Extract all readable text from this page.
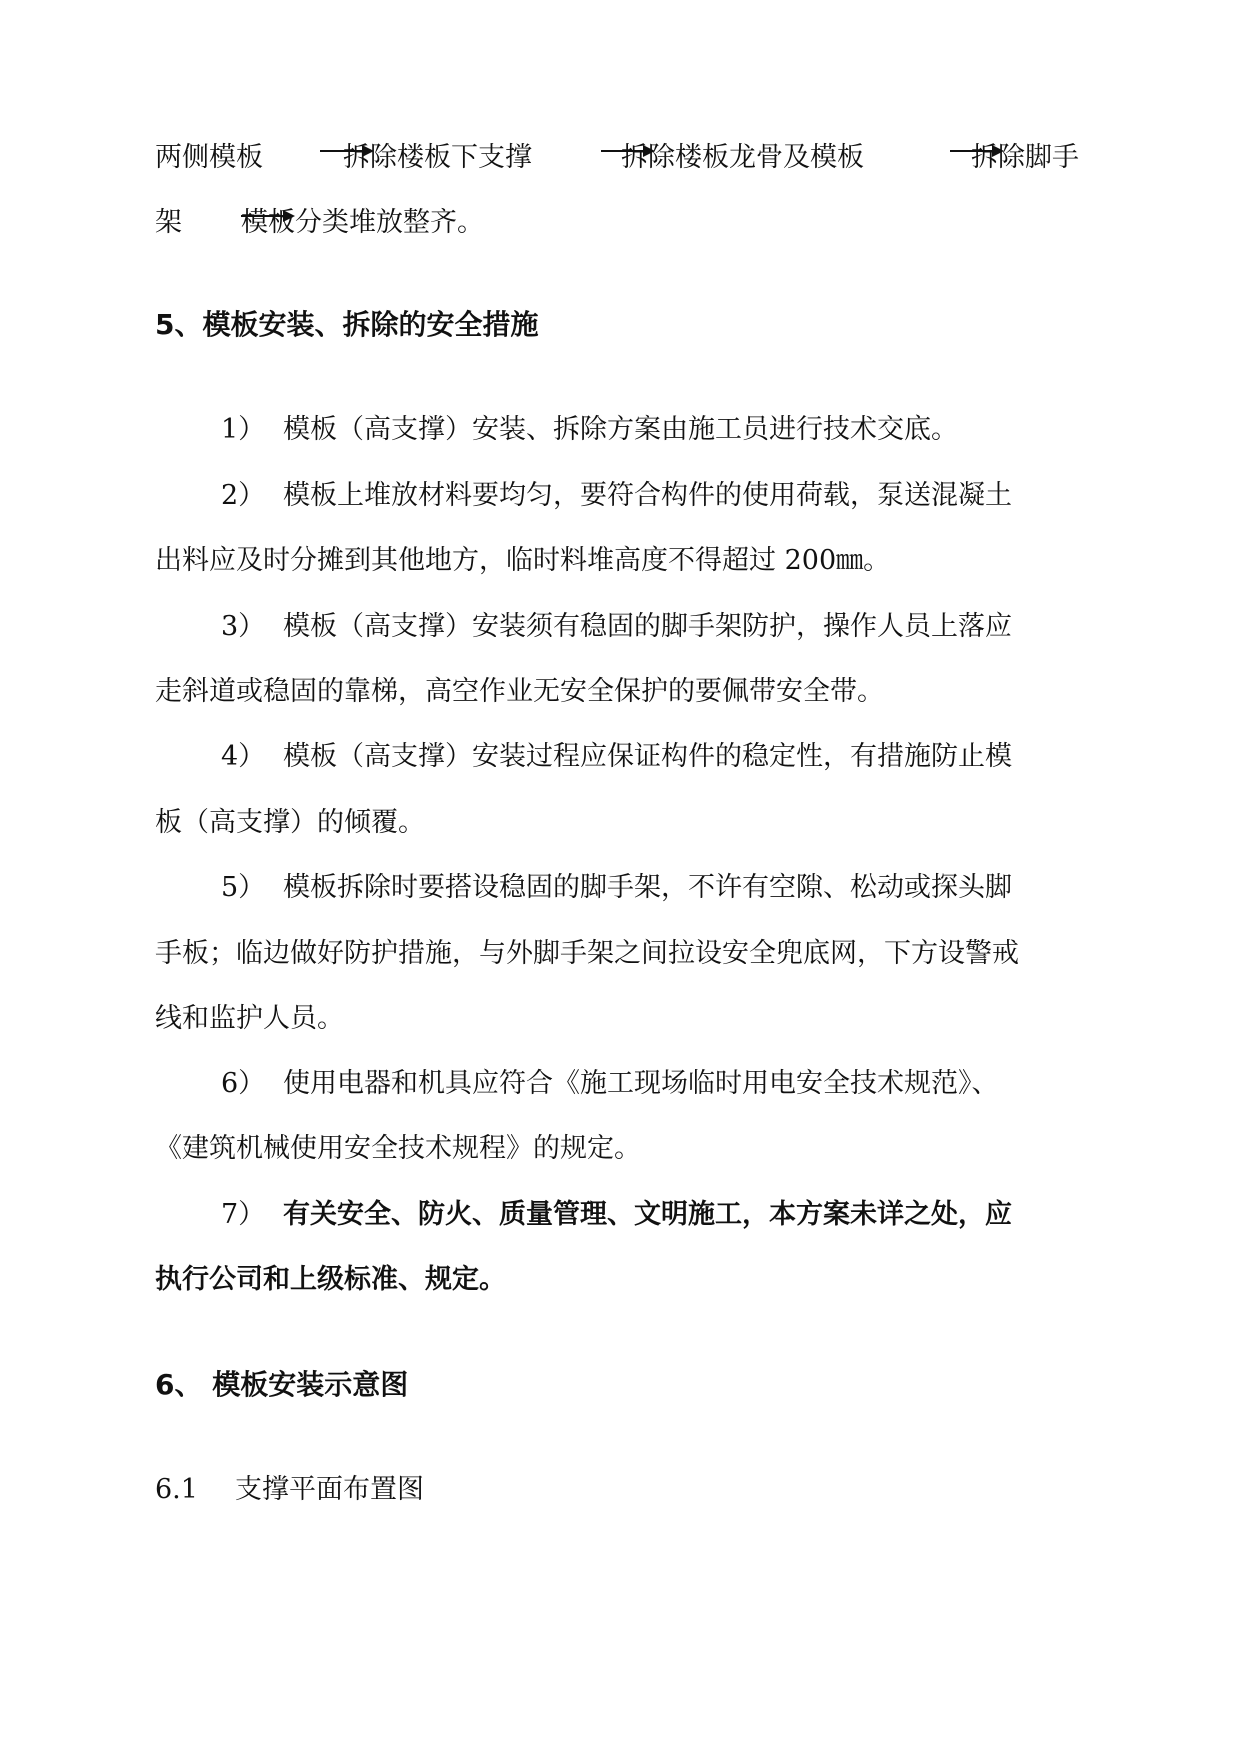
两侧模板	拆除楼板下支撑	拆除楼板龙骨及模板	拆除脚手
架 模板分类堆放整齐。
5、模板安装、拆除的安全措施
1） 模板（高支撑）安装、拆除方案由施工员进行技术交底。
2） 模板上堆放材料要均匀，要符合构件的使用荷载，泵送混凝土
出料应及时分摊到其他地方，临时料堆高度不得超过 200㎜。
3） 模板（高支撑）安装须有稳固的脚手架防护，操作人员上落应
走斜道或稳固的靠梯，高空作业无安全保护的要佩带安全带。
4） 模板（高支撑）安装过程应保证构件的稳定性，有措施防止模
板（高支撑）的倾覆。
5） 模板拆除时要搭设稳固的脚手架，不许有空隙、松动或探头脚
手板；临边做好防护措施，与外脚手架之间拉设安全兜底网，下方设警戒
线和监护人员。
6） 使用电器和机具应符合《施工现场临时用电安全技术规范》、
《建筑机械使用安全技术规程》的规定。
7） 有关安全、防火、质量管理、文明施工，本方案未详之处，应
执行公司和上级标准、规定。
6、 模板安装示意图
6.1 支撑平面布置图
